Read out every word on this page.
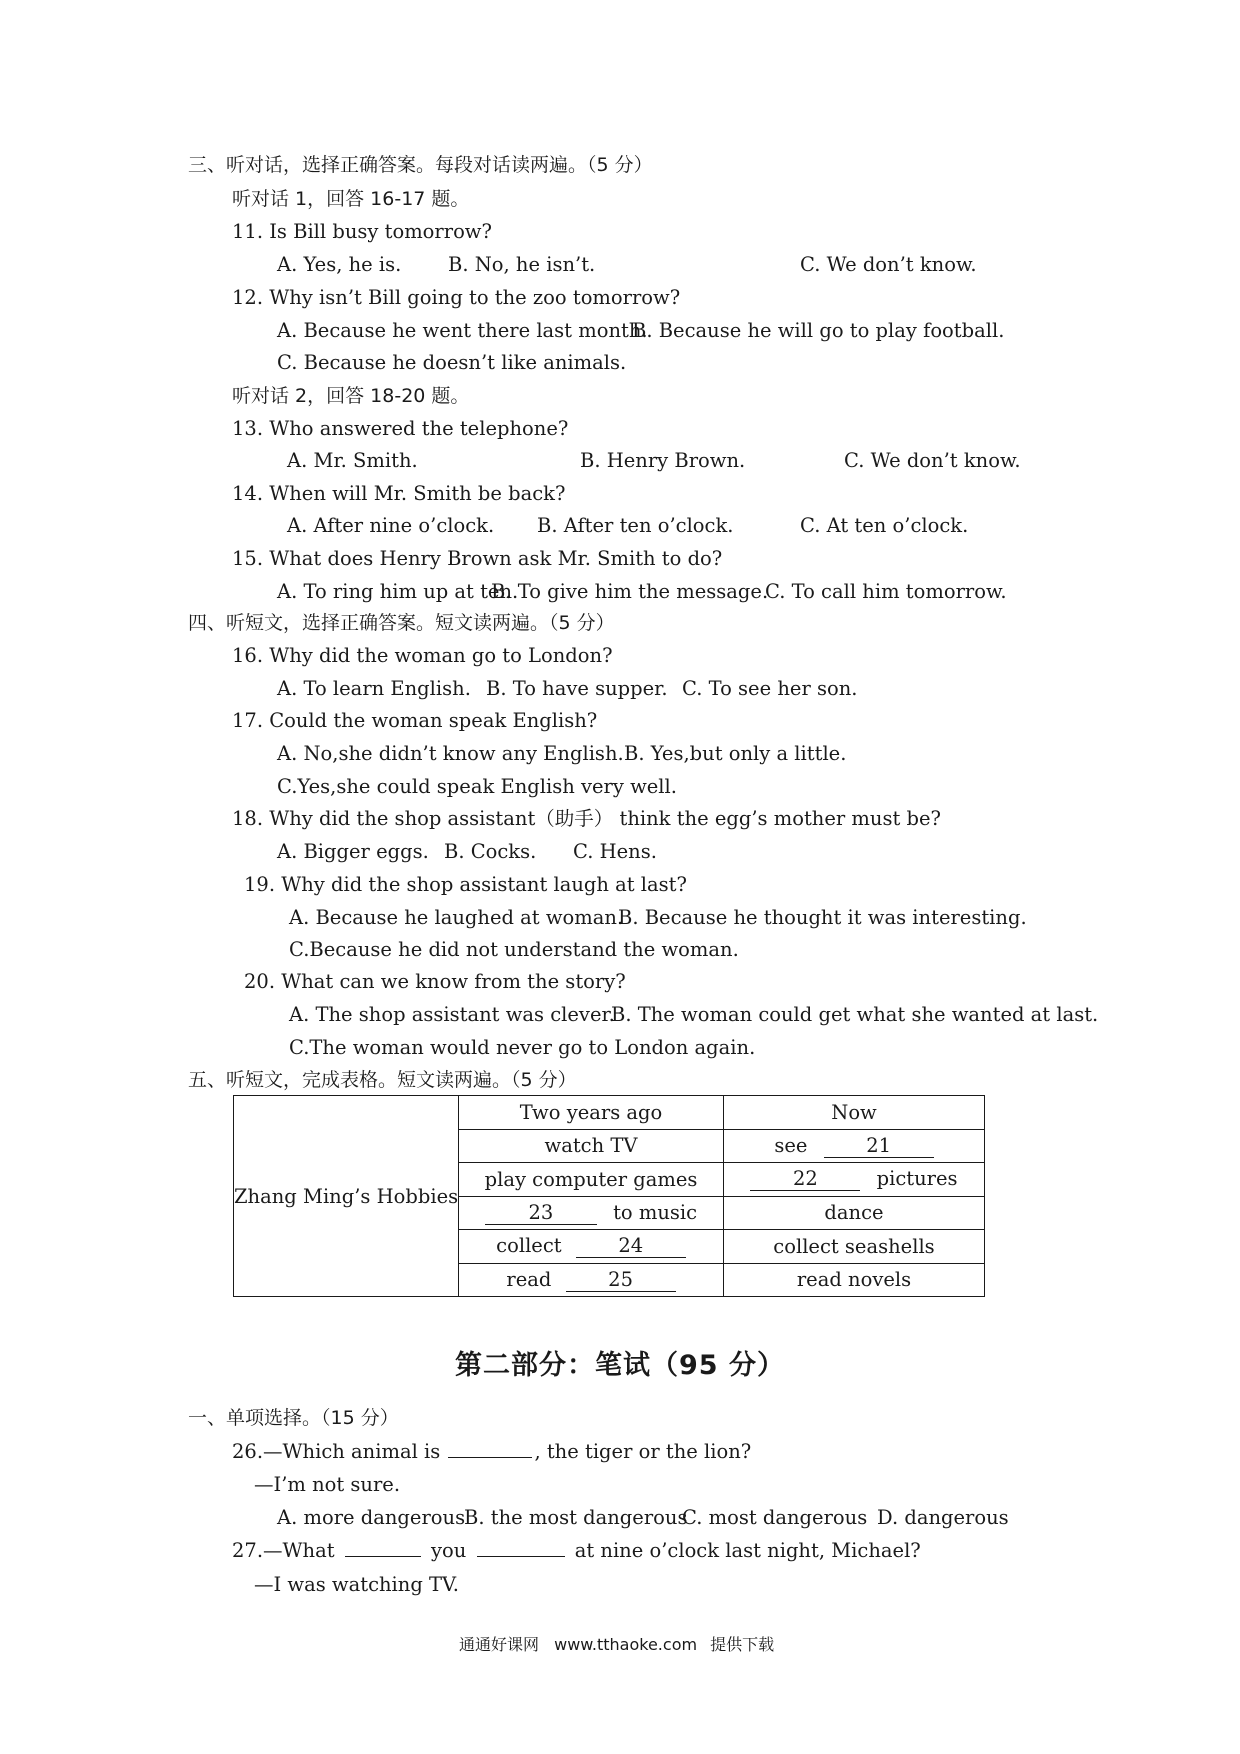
三、听对话，选择正确答案。每段对话读两遍。（5 分）
听对话 1，回答 16-17 题。
11. Is Bill busy tomorrow?
A. Yes, he is. B. No, he isn’t.	C. We don’t know.
12. Why isn’t Bill going to the zoo tomorrow?
A. Because he went there last month.
B. Because he will go to play football.
C. Because he doesn’t like animals.
听对话 2，回答 18-20 题。
13. Who answered the telephone?
A. Mr. Smith.	B. Henry Brown.	C. We don’t know.
14. When will Mr. Smith be back?
A. After nine o’clock. B. After ten o’clock.	C. At ten o’clock.
15. What does Henry Brown ask Mr. Smith to do?
A. To ring him up at ten.
B. To give him the message.
C. To call him tomorrow.
四、听短文，选择正确答案。短文读两遍。（5 分）
16. Why did the woman go to London?
A. To learn English. B. To have supper. C. To see her son.
17. Could the woman speak English?
A. No,she didn’t know any English. B. Yes,but only a little.
C.Yes,she could speak English very well.
18. Why did the shop assistant（助手） think the egg’s mother must be?
A. Bigger eggs. B. Cocks. C. Hens.
19. Why did the shop assistant laugh at last?
A. Because he laughed at woman.
B. Because he thought it was interesting.
C.Because he did not understand the woman.
20. What can we know from the story?
A. The shop assistant was clever.
B. The woman could get what she wanted at last.
C.The woman would never go to London again.
五、听短文，完成表格。短文读两遍。（5 分）
Zhang Ming’s Hobbies	Two years ago	Now
	watch TV	see 21
	play computer games	22 pictures
	23 to music	dance
	collect 24	collect seashells
	read 25	read novels
第二部分：笔试（95 分）
一、单项选择。（15 分）
26.—Which animal is	, the tiger or the lion?
—I’m not sure.
A. more dangerous
B. the most dangerous
C. most dangerous D. dangerous
27.—What	you	at nine o’clock last night, Michael?
—I was watching TV.
通通好课网 www.tthaoke.com 提供下载
